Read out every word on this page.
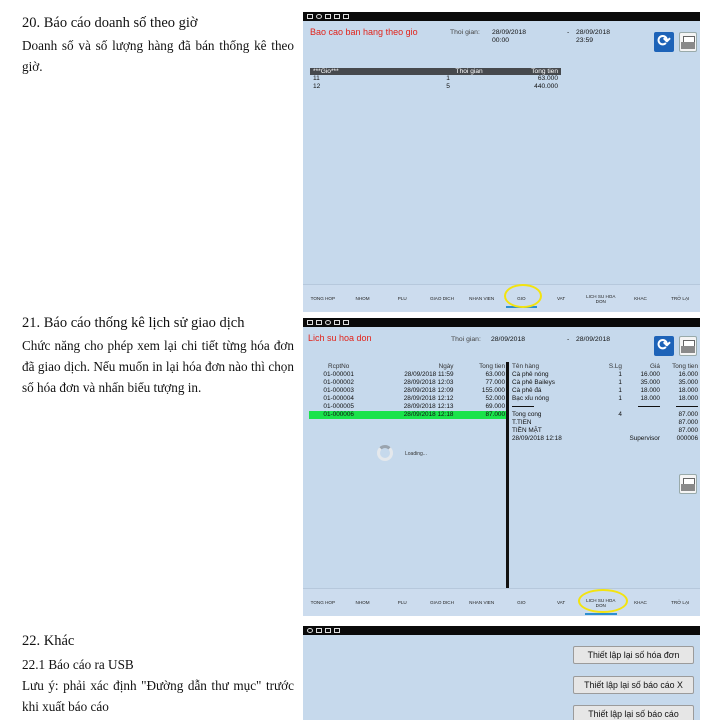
20. Báo cáo doanh số theo giờ
Doanh số và số lượng hàng đã bán thống kê theo giờ.
21. Báo cáo thống kê lịch sử giao dịch
Chức năng cho phép xem lại chi tiết từng hóa đơn đã giao dịch. Nếu muốn in lại hóa đơn nào thì chọn số hóa đơn và nhấn biểu tượng in.
22. Khác
22.1 Báo cáo ra USB
Lưu ý: phải xác định "Đường dẫn thư mục" trước khi xuất báo cáo
Bao cao ban hang theo gio	Thoi gian: 28/09/2018
00:00
- 28/09/2018
23:59	⟳
***Gio***	Thoi gian	Tong tien
11	1	63.000
12	5	440.000
TONG HOP	NHOM	PLU	GIAO DICH	NHAN VIEN	GIO	VAT	LICH SU HOA DON	KHAC	TRỞ LẠI
Lich su hoa don	Thoi gian: 28/09/2018	- 28/09/2018	⟳
RcptNo	Ngày	Tong tien
01-000001	28/09/2018 11:59	63.000
01-000002	28/09/2018 12:03	77.000
01-000003	28/09/2018 12:09	155.000
01-000004	28/09/2018 12:12	52.000
01-000005	28/09/2018 12:13	69.000
01-000006	28/09/2018 12:18	87.000
Loading...
Tên hàng	S.Lg	Giá	Tong tien
Cà phê nóng	1	16.000	16.000
Cà phê Baileys	1	35.000	35.000
Cà phê đá	1	18.000	18.000
Bạc xỉu nóng	1	18.000	18.000

Tong cong	4		87.000
T.TIEN			87.000
TIỀN MẶT			87.000
28/09/2018 12:18		Supervisor	000006
TONG HOP	NHOM	PLU	GIAO DICH	NHAN VIEN	GIO	VAT	LICH SU HOA DON	KHAC	TRỞ LẠI
Thiết lập lại số hóa đơn
Thiết lập lại số báo cáo X
Thiết lập lại số báo cáo
